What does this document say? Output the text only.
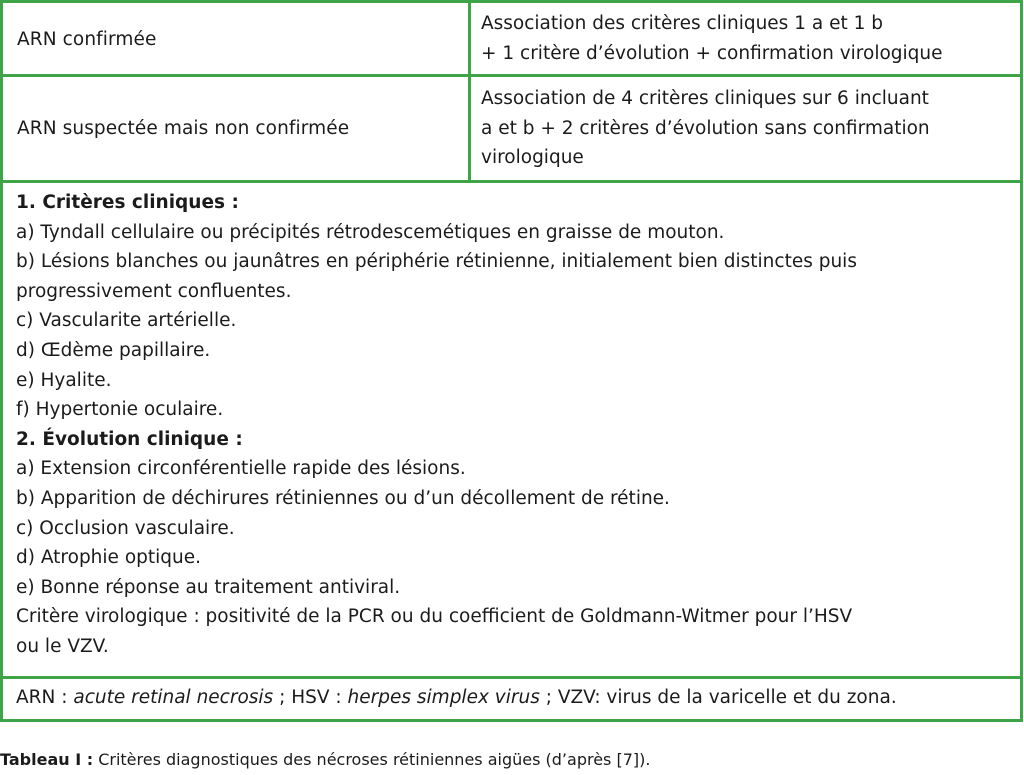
ARN confirmée
Association des critères cliniques 1 a et 1 b
+ 1 critère d’évolution + confirmation virologique
ARN suspectée mais non confirmée
Association de 4 critères cliniques sur 6 incluant
a et b + 2 critères d’évolution sans confirmation
virologique
1. Critères cliniques :
a) Tyndall cellulaire ou précipités rétrodescemétiques en graisse de mouton.
b) Lésions blanches ou jaunâtres en périphérie rétinienne, initialement bien distinctes puis
progressivement confluentes.
c) Vascularite artérielle.
d) Œdème papillaire.
e) Hyalite.
f) Hypertonie oculaire.
2. Évolution clinique :
a) Extension circonférentielle rapide des lésions.
b) Apparition de déchirures rétiniennes ou d’un décollement de rétine.
c) Occlusion vasculaire.
d) Atrophie optique.
e) Bonne réponse au traitement antiviral.
Critère virologique : positivité de la PCR ou du coefficient de Goldmann-Witmer pour l’HSV
ou le VZV.
ARN : acute retinal necrosis ; HSV : herpes simplex virus ; VZV: virus de la varicelle et du zona.
Tableau I : Critères diagnostiques des nécroses rétiniennes aigües (d’après [7]).
